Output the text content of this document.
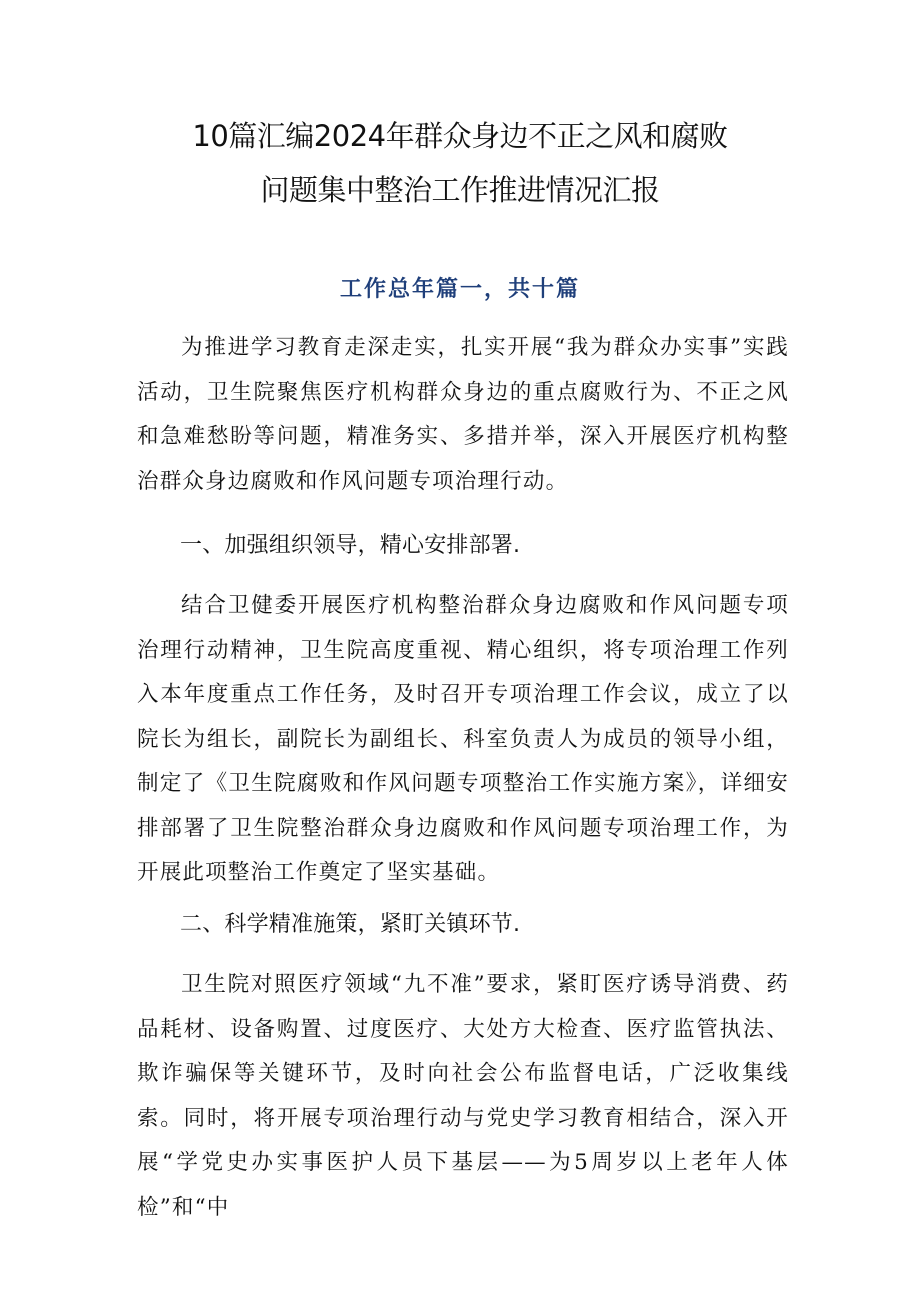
10篇汇编2024年群众身边不正之风和腐败
问题集中整治工作推进情况汇报
工作总年篇一，共十篇
为推进学习教育走深走实，扎实开展“我为群众办实事”实践活动，卫生院聚焦医疗机构群众身边的重点腐败行为、不正之风和急难愁盼等问题，精准务实、多措并举，深入开展医疗机构整治群众身边腐败和作风问题专项治理行动。
一、加强组织领导，精心安排部署.
结合卫健委开展医疗机构整治群众身边腐败和作风问题专项治理行动精神，卫生院高度重视、精心组织，将专项治理工作列入本年度重点工作任务，及时召开专项治理工作会议，成立了以院长为组长，副院长为副组长、科室负责人为成员的领导小组，制定了《卫生院腐败和作风问题专项整治工作实施方案》，详细安排部署了卫生院整治群众身边腐败和作风问题专项治理工作，为开展此项整治工作奠定了坚实基础。
二、科学精准施策，紧盯关镇环节.
卫生院对照医疗领域“九不准”要求，紧盯医疗诱导消费、药品耗材、设备购置、过度医疗、大处方大检查、医疗监管执法、欺诈骗保等关键环节，及时向社会公布监督电话，广泛收集线索。同时，将开展专项治理行动与党史学习教育相结合，深入开展“学党史办实事医护人员下基层——为5周岁以上老年人体检”和“中
